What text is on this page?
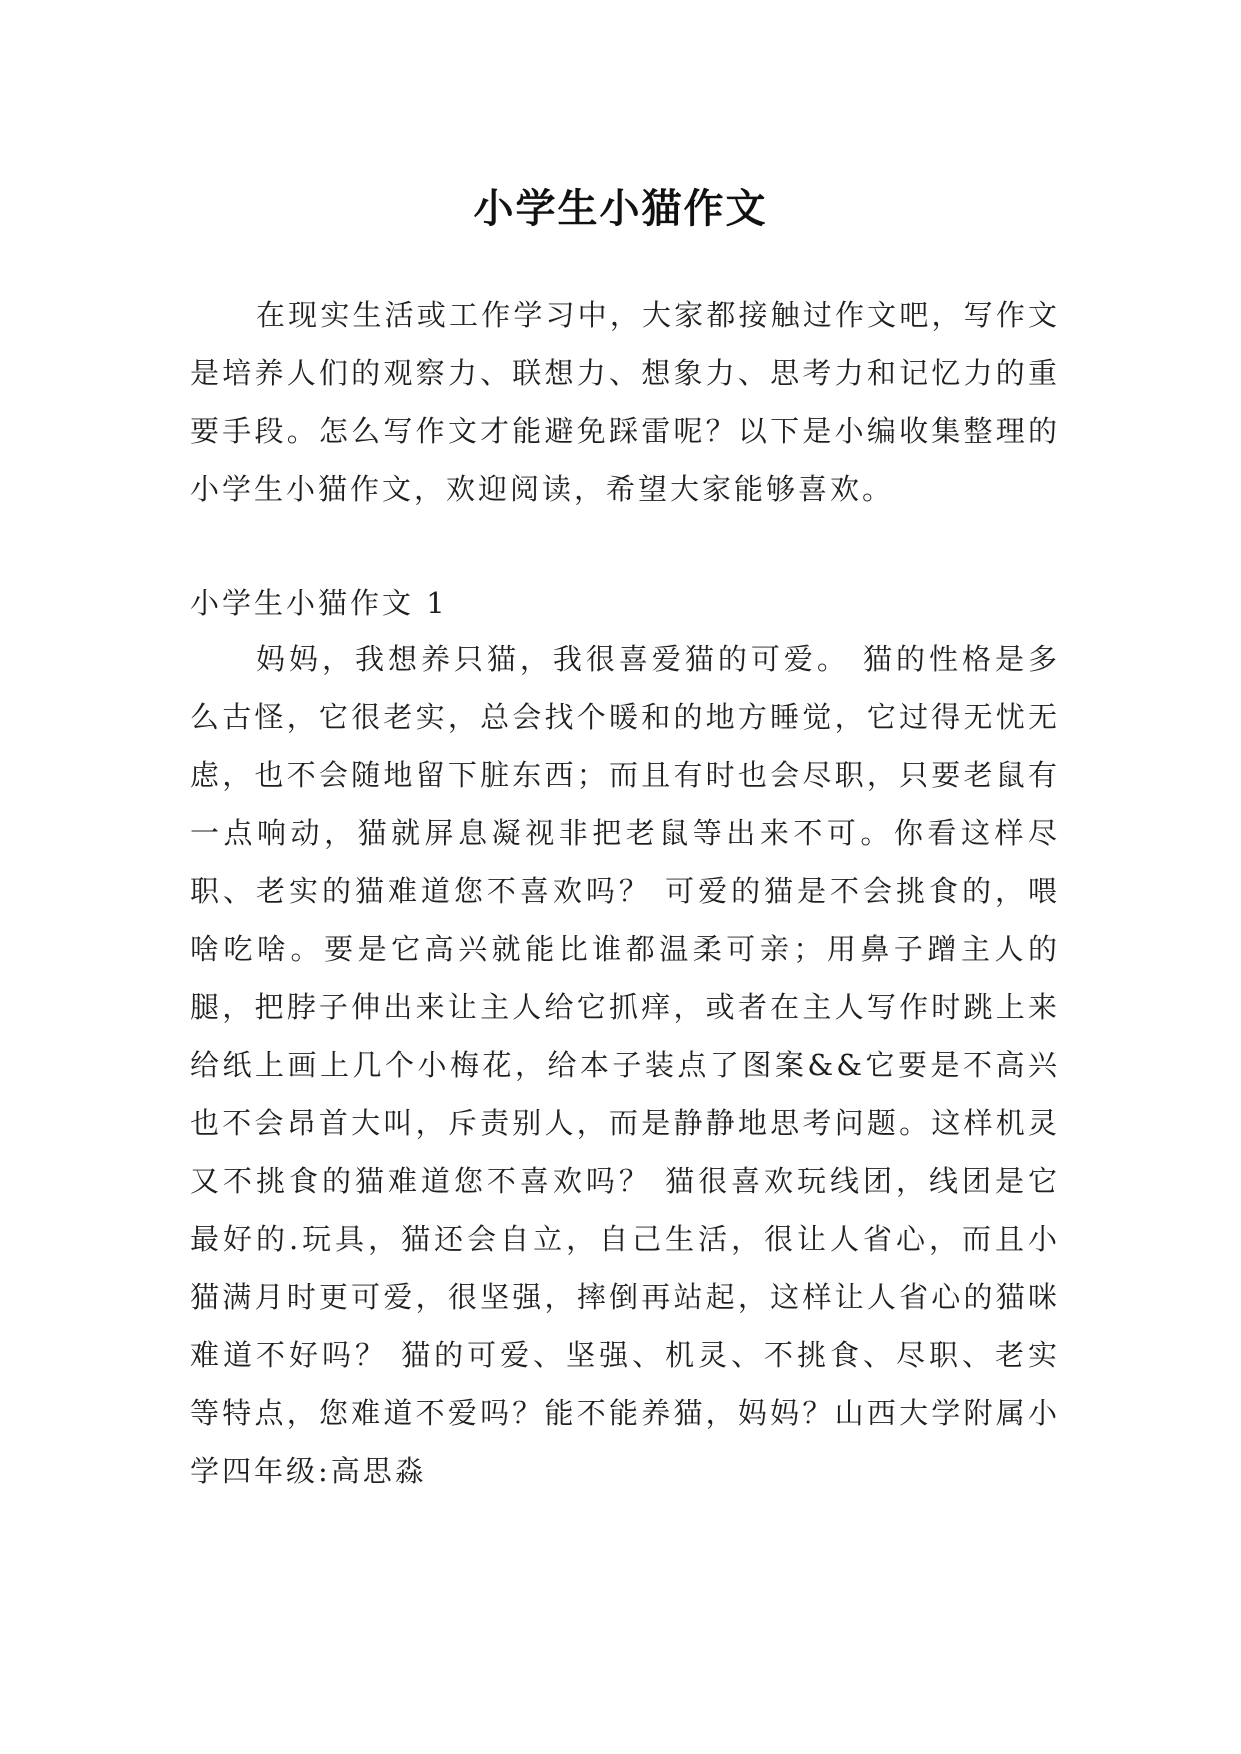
小学生小猫作文

在现实生活或工作学习中，大家都接触过作文吧，写作文是培养人们的观察力、联想力、想象力、思考力和记忆力的重要手段。怎么写作文才能避免踩雷呢？以下是小编收集整理的小学生小猫作文，欢迎阅读，希望大家能够喜欢。

小学生小猫作文 1

妈妈，我想养只猫，我很喜爱猫的可爱。 猫的性格是多么古怪，它很老实，总会找个暖和的地方睡觉，它过得无忧无虑，也不会随地留下脏东西；而且有时也会尽职，只要老鼠有一点响动，猫就屏息凝视非把老鼠等出来不可。你看这样尽职、老实的猫难道您不喜欢吗？ 可爱的猫是不会挑食的，喂啥吃啥。要是它高兴就能比谁都温柔可亲；用鼻子蹭主人的腿，把脖子伸出来让主人给它抓痒，或者在主人写作时跳上来给纸上画上几个小梅花，给本子装点了图案&&它要是不高兴也不会昂首大叫，斥责别人，而是静静地思考问题。这样机灵又不挑食的猫难道您不喜欢吗？ 猫很喜欢玩线团，线团是它最好的.玩具，猫还会自立，自己生活，很让人省心，而且小猫满月时更可爱，很坚强，摔倒再站起，这样让人省心的猫咪难道不好吗？ 猫的可爱、坚强、机灵、不挑食、尽职、老实等特点，您难道不爱吗？能不能养猫，妈妈？山西大学附属小学四年级:高思淼
